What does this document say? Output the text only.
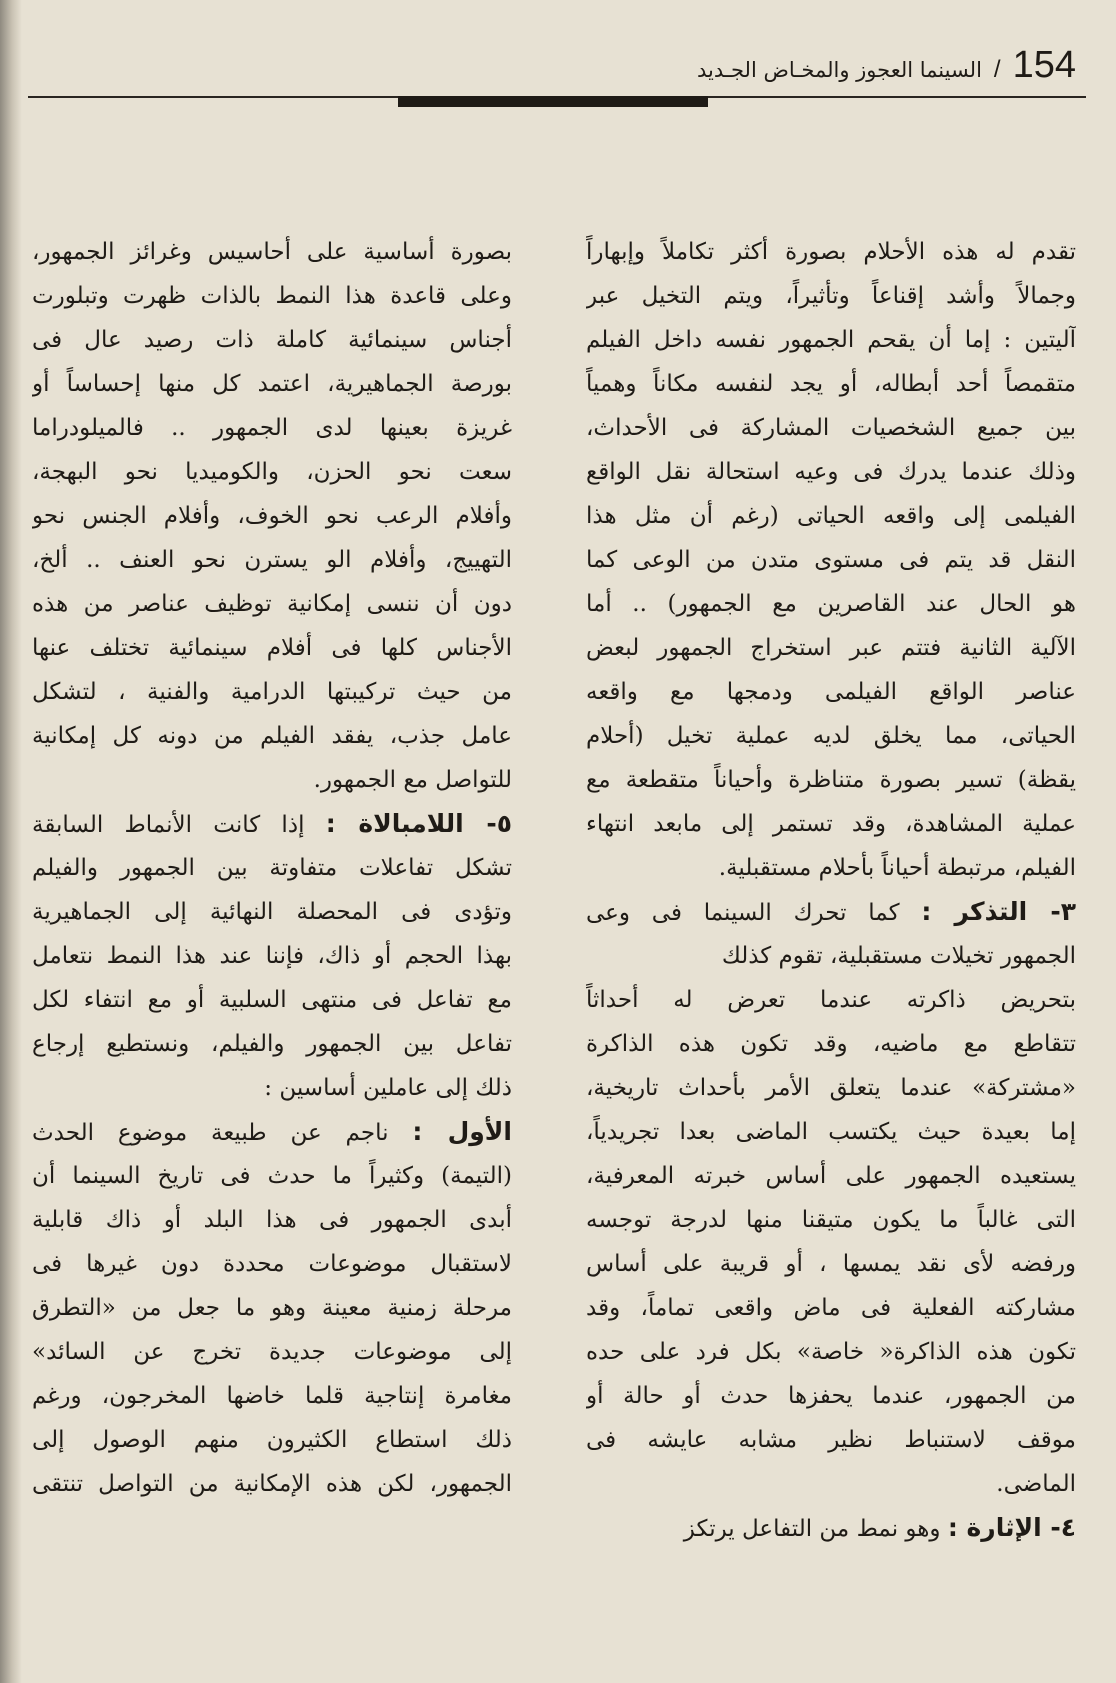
154
/
السينما العجوز والمخـاض الجـديد
تقدم له هذه الأحلام بصورة أكثر تكاملاً وإبهاراً
وجمالاً وأشد إقناعاً وتأثيراً، ويتم التخيل عبر
آليتين : إما أن يقحم الجمهور نفسه داخل الفيلم
متقمصاً أحد أبطاله، أو يجد لنفسه مكاناً وهمياً
بين جميع الشخصيات المشاركة فى الأحداث،
وذلك عندما يدرك فى وعيه استحالة نقل الواقع
الفيلمى إلى واقعه الحياتى (رغم أن مثل هذا
النقل قد يتم فى مستوى متدن من الوعى كما
هو الحال عند القاصرين مع الجمهور) .. أما
الآلية الثانية فتتم عبر استخراج الجمهور لبعض
عناصر الواقع الفيلمى ودمجها مع واقعه
الحياتى، مما يخلق لديه عملية تخيل (أحلام
يقظة) تسير بصورة متناظرة وأحياناً متقطعة مع
عملية المشاهدة، وقد تستمر إلى مابعد انتهاء
الفيلم، مرتبطة أحياناً بأحلام مستقبلية.
٣- التذكر : كما تحرك السينما فى وعى
الجمهور تخيلات مستقبلية، تقوم كذلك
بتحريض ذاكرته عندما تعرض له أحداثاً
تتقاطع مع ماضيه، وقد تكون هذه الذاكرة
«مشتركة» عندما يتعلق الأمر بأحداث تاريخية،
إما بعيدة حيث يكتسب الماضى بعدا تجريدياً،
يستعيده الجمهور على أساس خبرته المعرفية،
التى غالباً ما يكون متيقنا منها لدرجة توجسه
ورفضه لأى نقد يمسها ، أو قريبة على أساس
مشاركته الفعلية فى ماض واقعى تماماً، وقد
تكون هذه الذاكرة« خاصة» بكل فرد على حده
من الجمهور، عندما يحفزها حدث أو حالة أو
موقف لاستنباط نظير مشابه عايشه فى
الماضى.
٤- الإثارة : وهو نمط من التفاعل يرتكز
بصورة أساسية على أحاسيس وغرائز الجمهور،
وعلى قاعدة هذا النمط بالذات ظهرت وتبلورت
أجناس سينمائية كاملة ذات رصيد عال فى
بورصة الجماهيرية، اعتمد كل منها إحساساً أو
غريزة بعينها لدى الجمهور .. فالميلودراما
سعت نحو الحزن، والكوميديا نحو البهجة،
وأفلام الرعب نحو الخوف، وأفلام الجنس نحو
التهييج، وأفلام الو يسترن نحو العنف .. ألخ،
دون أن ننسى إمكانية توظيف عناصر من هذه
الأجناس كلها فى أفلام سينمائية تختلف عنها
من حيث تركيبتها الدرامية والفنية ، لتشكل
عامل جذب، يفقد الفيلم من دونه كل إمكانية
للتواصل مع الجمهور.
٥- اللامبالاة : إذا كانت الأنماط السابقة
تشكل تفاعلات متفاوتة بين الجمهور والفيلم
وتؤدى فى المحصلة النهائية إلى الجماهيرية
بهذا الحجم أو ذاك، فإننا عند هذا النمط نتعامل
مع تفاعل فى منتهى السلبية أو مع انتفاء لكل
تفاعل بين الجمهور والفيلم، ونستطيع إرجاع
ذلك إلى عاملين أساسين :
الأول : ناجم عن طبيعة موضوع الحدث
(التيمة) وكثيراً ما حدث فى تاريخ السينما أن
أبدى الجمهور فى هذا البلد أو ذاك قابلية
لاستقبال موضوعات محددة دون غيرها فى
مرحلة زمنية معينة وهو ما جعل من «التطرق
إلى موضوعات جديدة تخرج عن السائد»
مغامرة إنتاجية قلما خاضها المخرجون، ورغم
ذلك استطاع الكثيرون منهم الوصول إلى
الجمهور، لكن هذه الإمكانية من التواصل تنتقى
